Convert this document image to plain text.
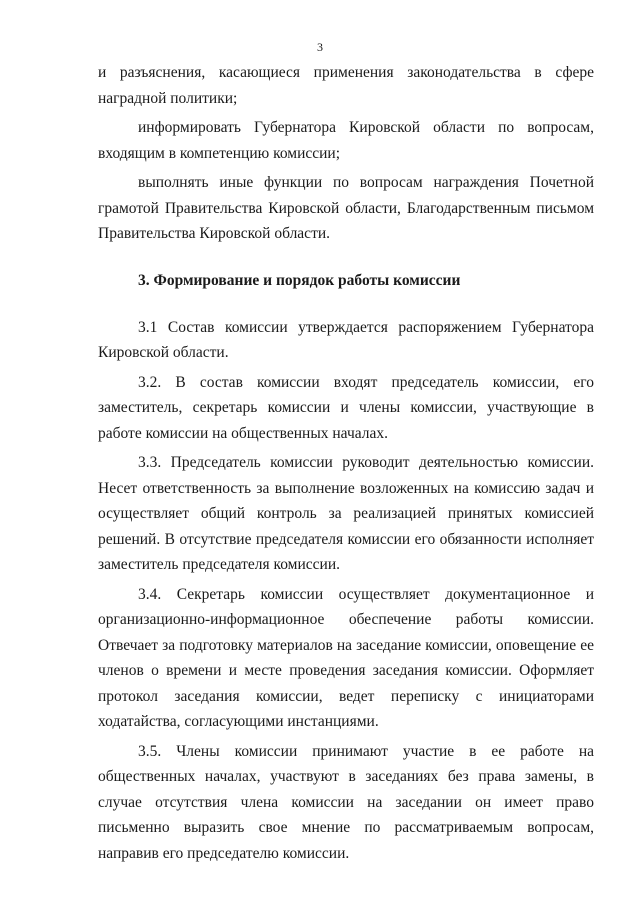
3

и разъяснения, касающиеся применения законодательства в сфере наградной политики;

информировать Губернатора Кировской области по вопросам, входящим в компетенцию комиссии;

выполнять иные функции по вопросам награждения Почетной грамотой Правительства Кировской области, Благодарственным письмом Правительства Кировской области.

3. Формирование и порядок работы комиссии

3.1 Состав комиссии утверждается распоряжением Губернатора Кировской области.

3.2. В состав комиссии входят председатель комиссии, его заместитель, секретарь комиссии и члены комиссии, участвующие в работе комиссии на общественных началах.

3.3. Председатель комиссии руководит деятельностью комиссии. Несет ответственность за выполнение возложенных на комиссию задач и осуществляет общий контроль за реализацией принятых комиссией решений. В отсутствие председателя комиссии его обязанности исполняет заместитель председателя комиссии.

3.4. Секретарь комиссии осуществляет документационное и организационно-информационное обеспечение работы комиссии. Отвечает за подготовку материалов на заседание комиссии, оповещение ее членов о времени и месте проведения заседания комиссии. Оформляет протокол заседания комиссии, ведет переписку с инициаторами ходатайства, согласующими инстанциями.

3.5. Члены комиссии принимают участие в ее работе на общественных началах, участвуют в заседаниях без права замены, в случае отсутствия члена комиссии на заседании он имеет право письменно выразить свое мнение по рассматриваемым вопросам, направив его председателю комиссии.
